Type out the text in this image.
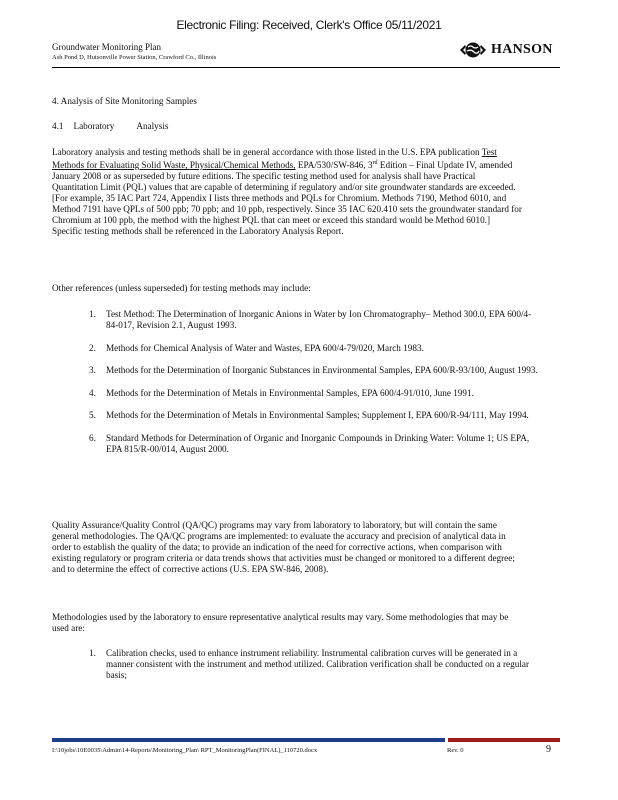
Electronic Filing: Received, Clerk's Office 05/11/2021
Groundwater Monitoring Plan
Ash Pond D, Hutsonville Power Station, Crawford Co., Illinois
HANSON
4. Analysis of Site Monitoring Samples
4.1 Laboratory Analysis

Laboratory analysis and testing methods shall be in general accordance with those listed in the U.S. EPA publication Test Methods for Evaluating Solid Waste, Physical/Chemical Methods, EPA/530/SW-846, 3rd Edition – Final Update IV, amended January 2008 or as superseded by future editions. The specific testing method used for analysis shall have Practical Quantitation Limit (PQL) values that are capable of determining if regulatory and/or site groundwater standards are exceeded. [For example, 35 IAC Part 724, Appendix I lists three methods and PQLs for Chromium. Methods 7190, Method 6010, and Method 7191 have QPLs of 500 ppb; 70 ppb; and 10 ppb, respectively. Since 35 IAC 620.410 sets the groundwater standard for Chromium at 100 ppb, the method with the highest PQL that can meet or exceed this standard would be Method 6010.] Specific testing methods shall be referenced in the Laboratory Analysis Report.

Other references (unless superseded) for testing methods may include:

1. Test Method: The Determination of Inorganic Anions in Water by Ion Chromatography– Method 300.0, EPA 600/4-84-017, Revision 2.1, August 1993.
2. Methods for Chemical Analysis of Water and Wastes, EPA 600/4-79/020, March 1983.
3. Methods for the Determination of Inorganic Substances in Environmental Samples, EPA 600/R-93/100, August 1993.
4. Methods for the Determination of Metals in Environmental Samples, EPA 600/4-91/010, June 1991.
5. Methods for the Determination of Metals in Environmental Samples; Supplement I, EPA 600/R-94/111, May 1994.
6. Standard Methods for Determination of Organic and Inorganic Compounds in Drinking Water: Volume 1; US EPA, EPA 815/R-00/014, August 2000.

Quality Assurance/Quality Control (QA/QC) programs may vary from laboratory to laboratory, but will contain the same general methodologies. The QA/QC programs are implemented: to evaluate the accuracy and precision of analytical data in order to establish the quality of the data; to provide an indication of the need for corrective actions, when comparison with existing regulatory or program criteria or data trends shows that activities must be changed or monitored to a different degree; and to determine the effect of corrective actions (U.S. EPA SW-846, 2008).

Methodologies used by the laboratory to ensure representative analytical results may vary. Some methodologies that may be used are:

1. Calibration checks, used to enhance instrument reliability. Instrumental calibration curves will be generated in a manner consistent with the instrument and method utilized. Calibration verification shall be conducted on a regular basis;
I:\10jobs\10E0035\Admin\14-Reports\Monitoring_Plan\ RPT_MonitoringPlan(FINAL)_110720.docx	Rev. 0	9
